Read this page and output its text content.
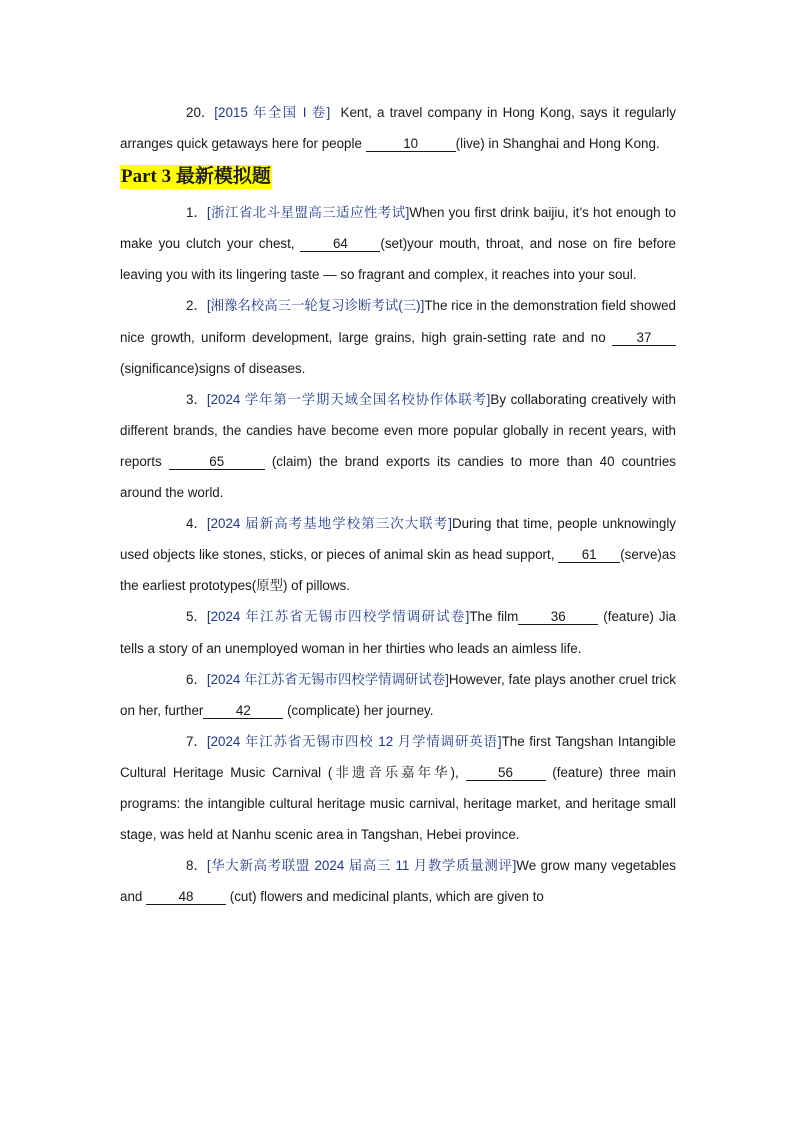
20．[2015 年全国 I 卷] Kent, a travel company in Hong Kong, says it regularly arranges quick getaways here for people	10	(live) in Shanghai and Hong Kong.

Part 3 最新模拟题

1．[浙江省北斗星盟高三适应性考试]When you first drink baijiu, it’s hot enough to make you clutch your chest, 64 (set)your mouth, throat, and nose on fire before leaving you with its lingering taste — so fragrant and complex, it reaches into your soul.

2．[湘豫名校高三一轮复习诊断考试(三)]The rice in the demonstration field showed nice growth, uniform development, large grains, high grain-setting rate and no 37 (significance)signs of diseases.

3．[2024 学年第一学期天域全国名校协作体联考]By collaborating creatively with different brands, the candies have become even more popular globally in recent years, with reports	65	(claim) the brand exports its candies to more than 40 countries around the world.

4．[2024 届新高考基地学校第三次大联考]During that time, people unknowingly used objects like stones, sticks, or pieces of animal skin as head support, 61 (serve)as the earliest prototypes(原型) of pillows.

5．[2024 年江苏省无锡市四校学情调研试卷]The film 36 (feature) Jia tells a story of an unemployed woman in her thirties who leads an aimless life.

6．[2024 年江苏省无锡市四校学情调研试卷]However, fate plays another cruel trick on her, further 42 (complicate) her journey.

7．[2024 年江苏省无锡市四校 12 月学情调研英语]The first Tangshan Intangible Cultural Heritage Music Carnival (非遗音乐嘉年华), 56 (feature) three main programs: the intangible cultural heritage music carnival, heritage market, and heritage small stage, was held at Nanhu scenic area in Tangshan, Hebei province.

8．[华大新高考联盟 2024 届高三 11 月教学质量测评]We grow many vegetables and 48 (cut) flowers and medicinal plants, which are given to
